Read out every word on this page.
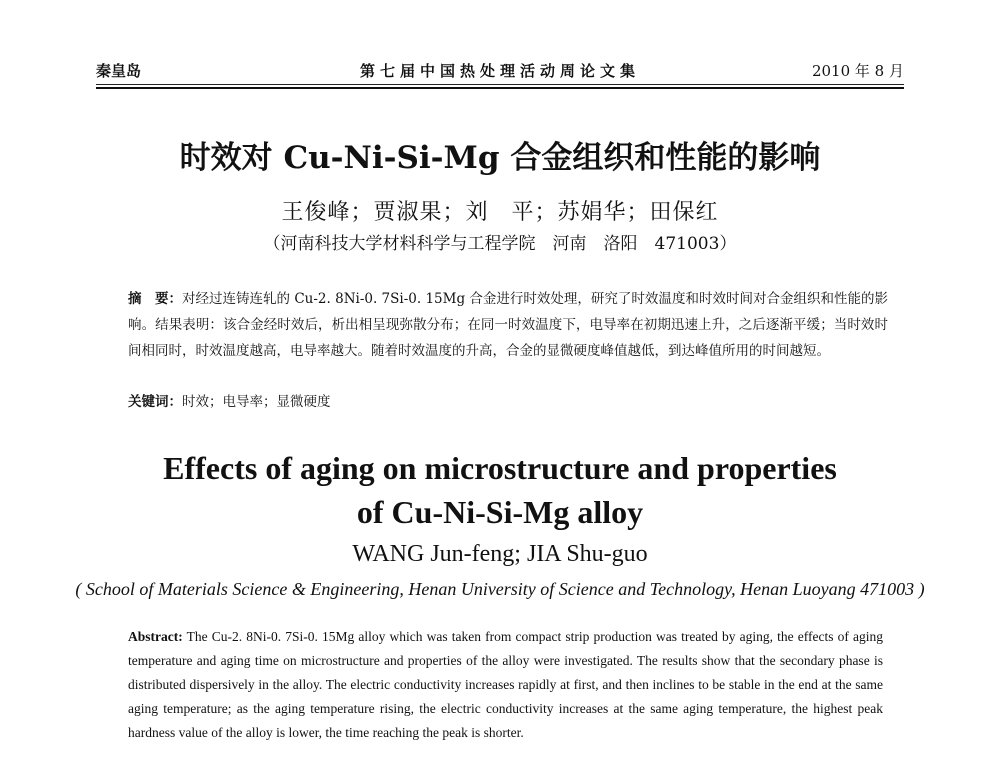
秦皇岛	第七届中国热处理活动周论文集	2010 年 8 月
时效对 Cu-Ni-Si-Mg 合金组织和性能的影响
王俊峰；贾淑果；刘　平；苏娟华；田保红
（河南科技大学材料科学与工程学院　河南　洛阳　471003）
摘　要：对经过连铸连轧的 Cu-2. 8Ni-0. 7Si-0. 15Mg 合金进行时效处理，研究了时效温度和时效时间对合金组织和性能的影响。结果表明：该合金经时效后，析出相呈现弥散分布；在同一时效温度下，电导率在初期迅速上升，之后逐渐平缓；当时效时间相同时，时效温度越高，电导率越大。随着时效温度的升高，合金的显微硬度峰值越低，到达峰值所用的时间越短。
关键词：时效；电导率；显微硬度
Effects of aging on microstructure and properties
of Cu-Ni-Si-Mg alloy
WANG Jun-feng; JIA Shu-guo
( School of Materials Science & Engineering, Henan University of Science and Technology, Henan Luoyang 471003 )
Abstract: The Cu-2. 8Ni-0. 7Si-0. 15Mg alloy which was taken from compact strip production was treated by aging, the effects of aging temperature and aging time on microstructure and properties of the alloy were investigated. The results show that the secondary phase is distributed dispersively in the alloy. The electric conductivity increases rapidly at first, and then inclines to be stable in the end at the same aging temperature; as the aging temperature rising, the electric conductivity increases at the same aging temperature, the highest peak hardness value of the alloy is lower, the time reaching the peak is shorter.
